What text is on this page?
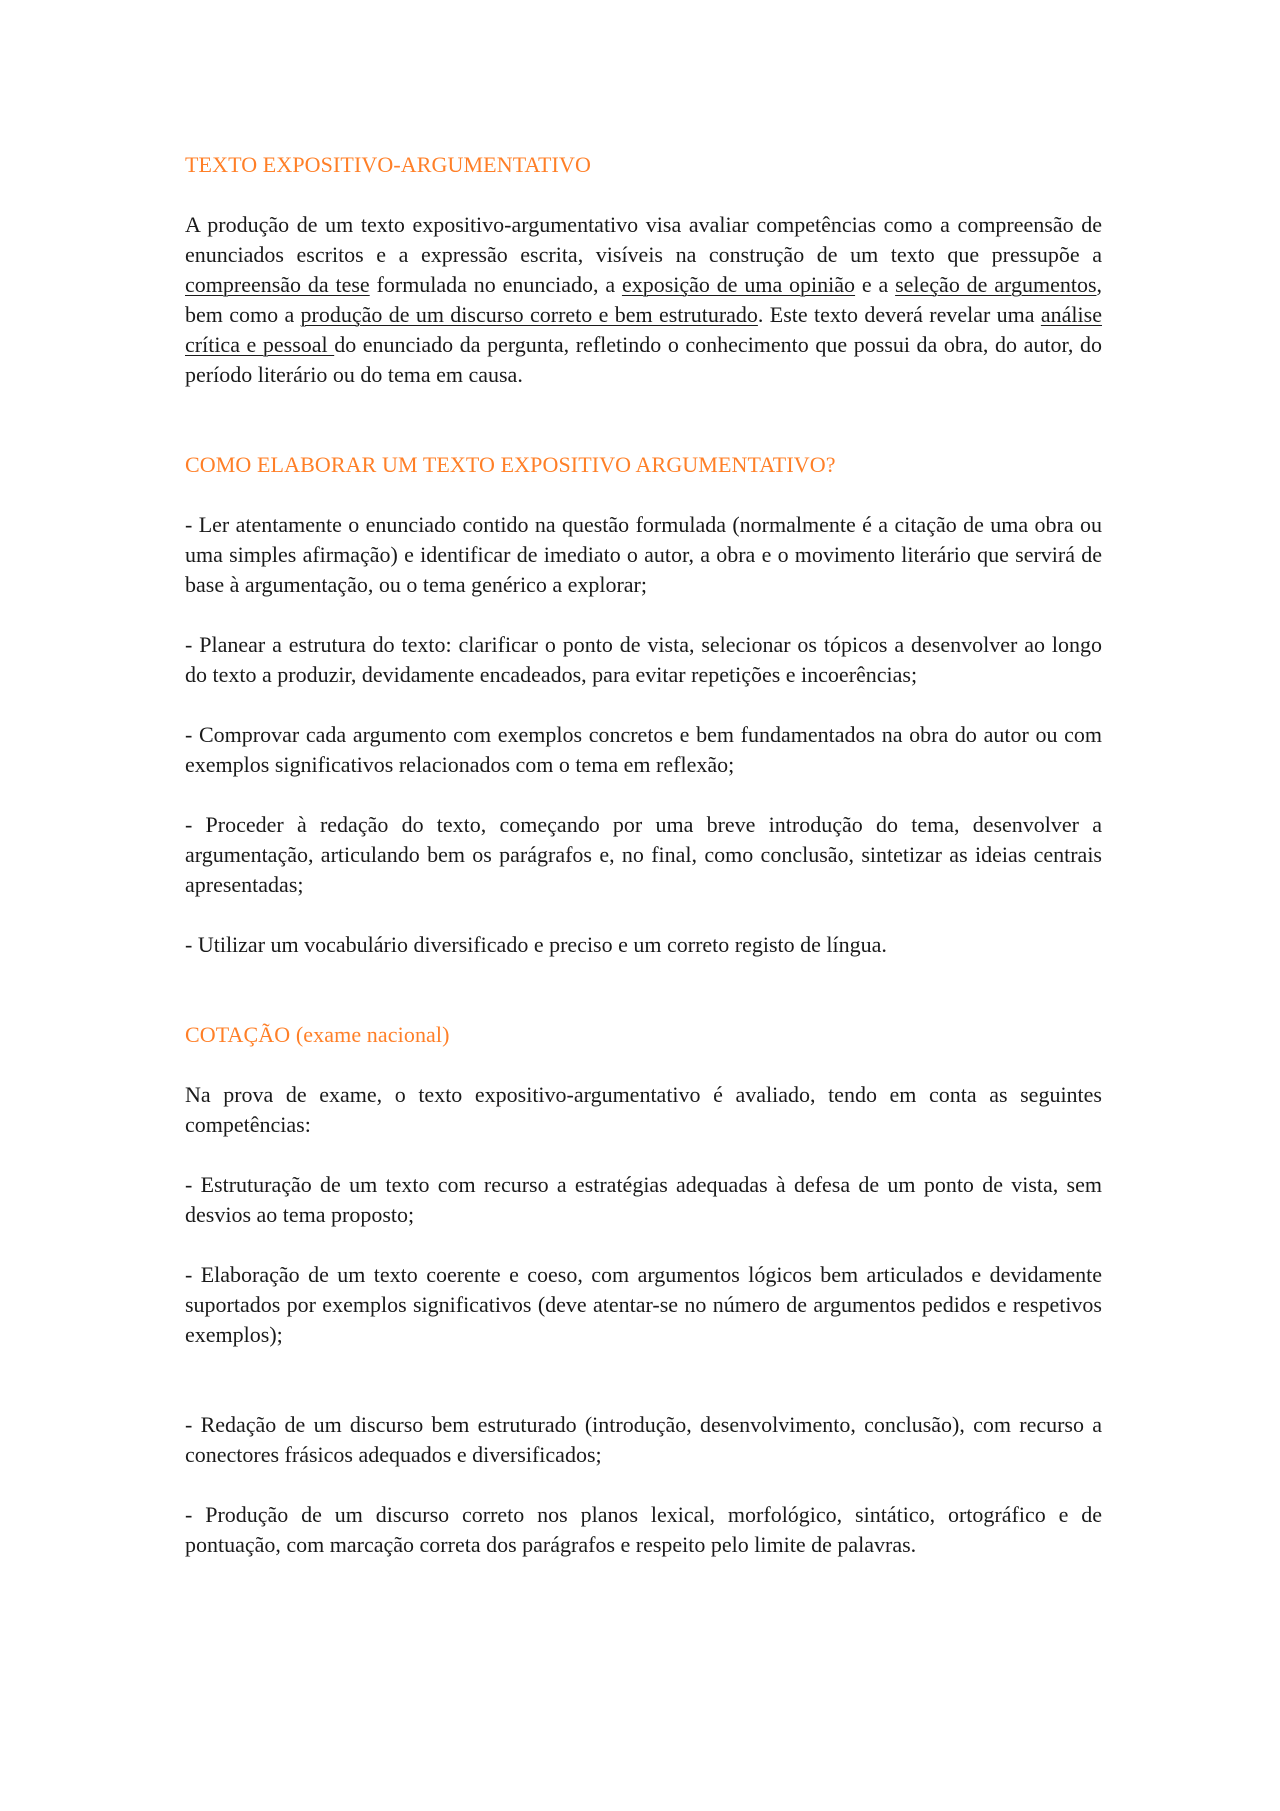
TEXTO EXPOSITIVO-ARGUMENTATIVO

A produção de um texto expositivo-argumentativo visa avaliar competências como a compreensão de enunciados escritos e a expressão escrita, visíveis na construção de um texto que pressupõe a compreensão da tese formulada no enunciado, a exposição de uma opinião e a seleção de argumentos, bem como a produção de um discurso correto e bem estruturado. Este texto deverá revelar uma análise crítica e pessoal do enunciado da pergunta, refletindo o conhecimento que possui da obra, do autor, do período literário ou do tema em causa.

COMO ELABORAR UM TEXTO EXPOSITIVO ARGUMENTATIVO?

- Ler atentamente o enunciado contido na questão formulada (normalmente é a citação de uma obra ou uma simples afirmação) e identificar de imediato o autor, a obra e o movimento literário que servirá de base à argumentação, ou o tema genérico a explorar;

- Planear a estrutura do texto: clarificar o ponto de vista, selecionar os tópicos a desenvolver ao longo do texto a produzir, devidamente encadeados, para evitar repetições e incoerências;

- Comprovar cada argumento com exemplos concretos e bem fundamentados na obra do autor ou com exemplos significativos relacionados com o tema em reflexão;

- Proceder à redação do texto, começando por uma breve introdução do tema, desenvolver a argumentação, articulando bem os parágrafos e, no final, como conclusão, sintetizar as ideias centrais apresentadas;

- Utilizar um vocabulário diversificado e preciso e um correto registo de língua.

COTAÇÃO (exame nacional)

Na prova de exame, o texto expositivo-argumentativo é avaliado, tendo em conta as seguintes competências:

- Estruturação de um texto com recurso a estratégias adequadas à defesa de um ponto de vista, sem desvios ao tema proposto;

- Elaboração de um texto coerente e coeso, com argumentos lógicos bem articulados e devidamente suportados por exemplos significativos (deve atentar-se no número de argumentos pedidos e respetivos exemplos);

- Redação de um discurso bem estruturado (introdução, desenvolvimento, conclusão), com recurso a conectores frásicos adequados e diversificados;

- Produção de um discurso correto nos planos lexical, morfológico, sintático, ortográfico e de pontuação, com marcação correta dos parágrafos e respeito pelo limite de palavras.
